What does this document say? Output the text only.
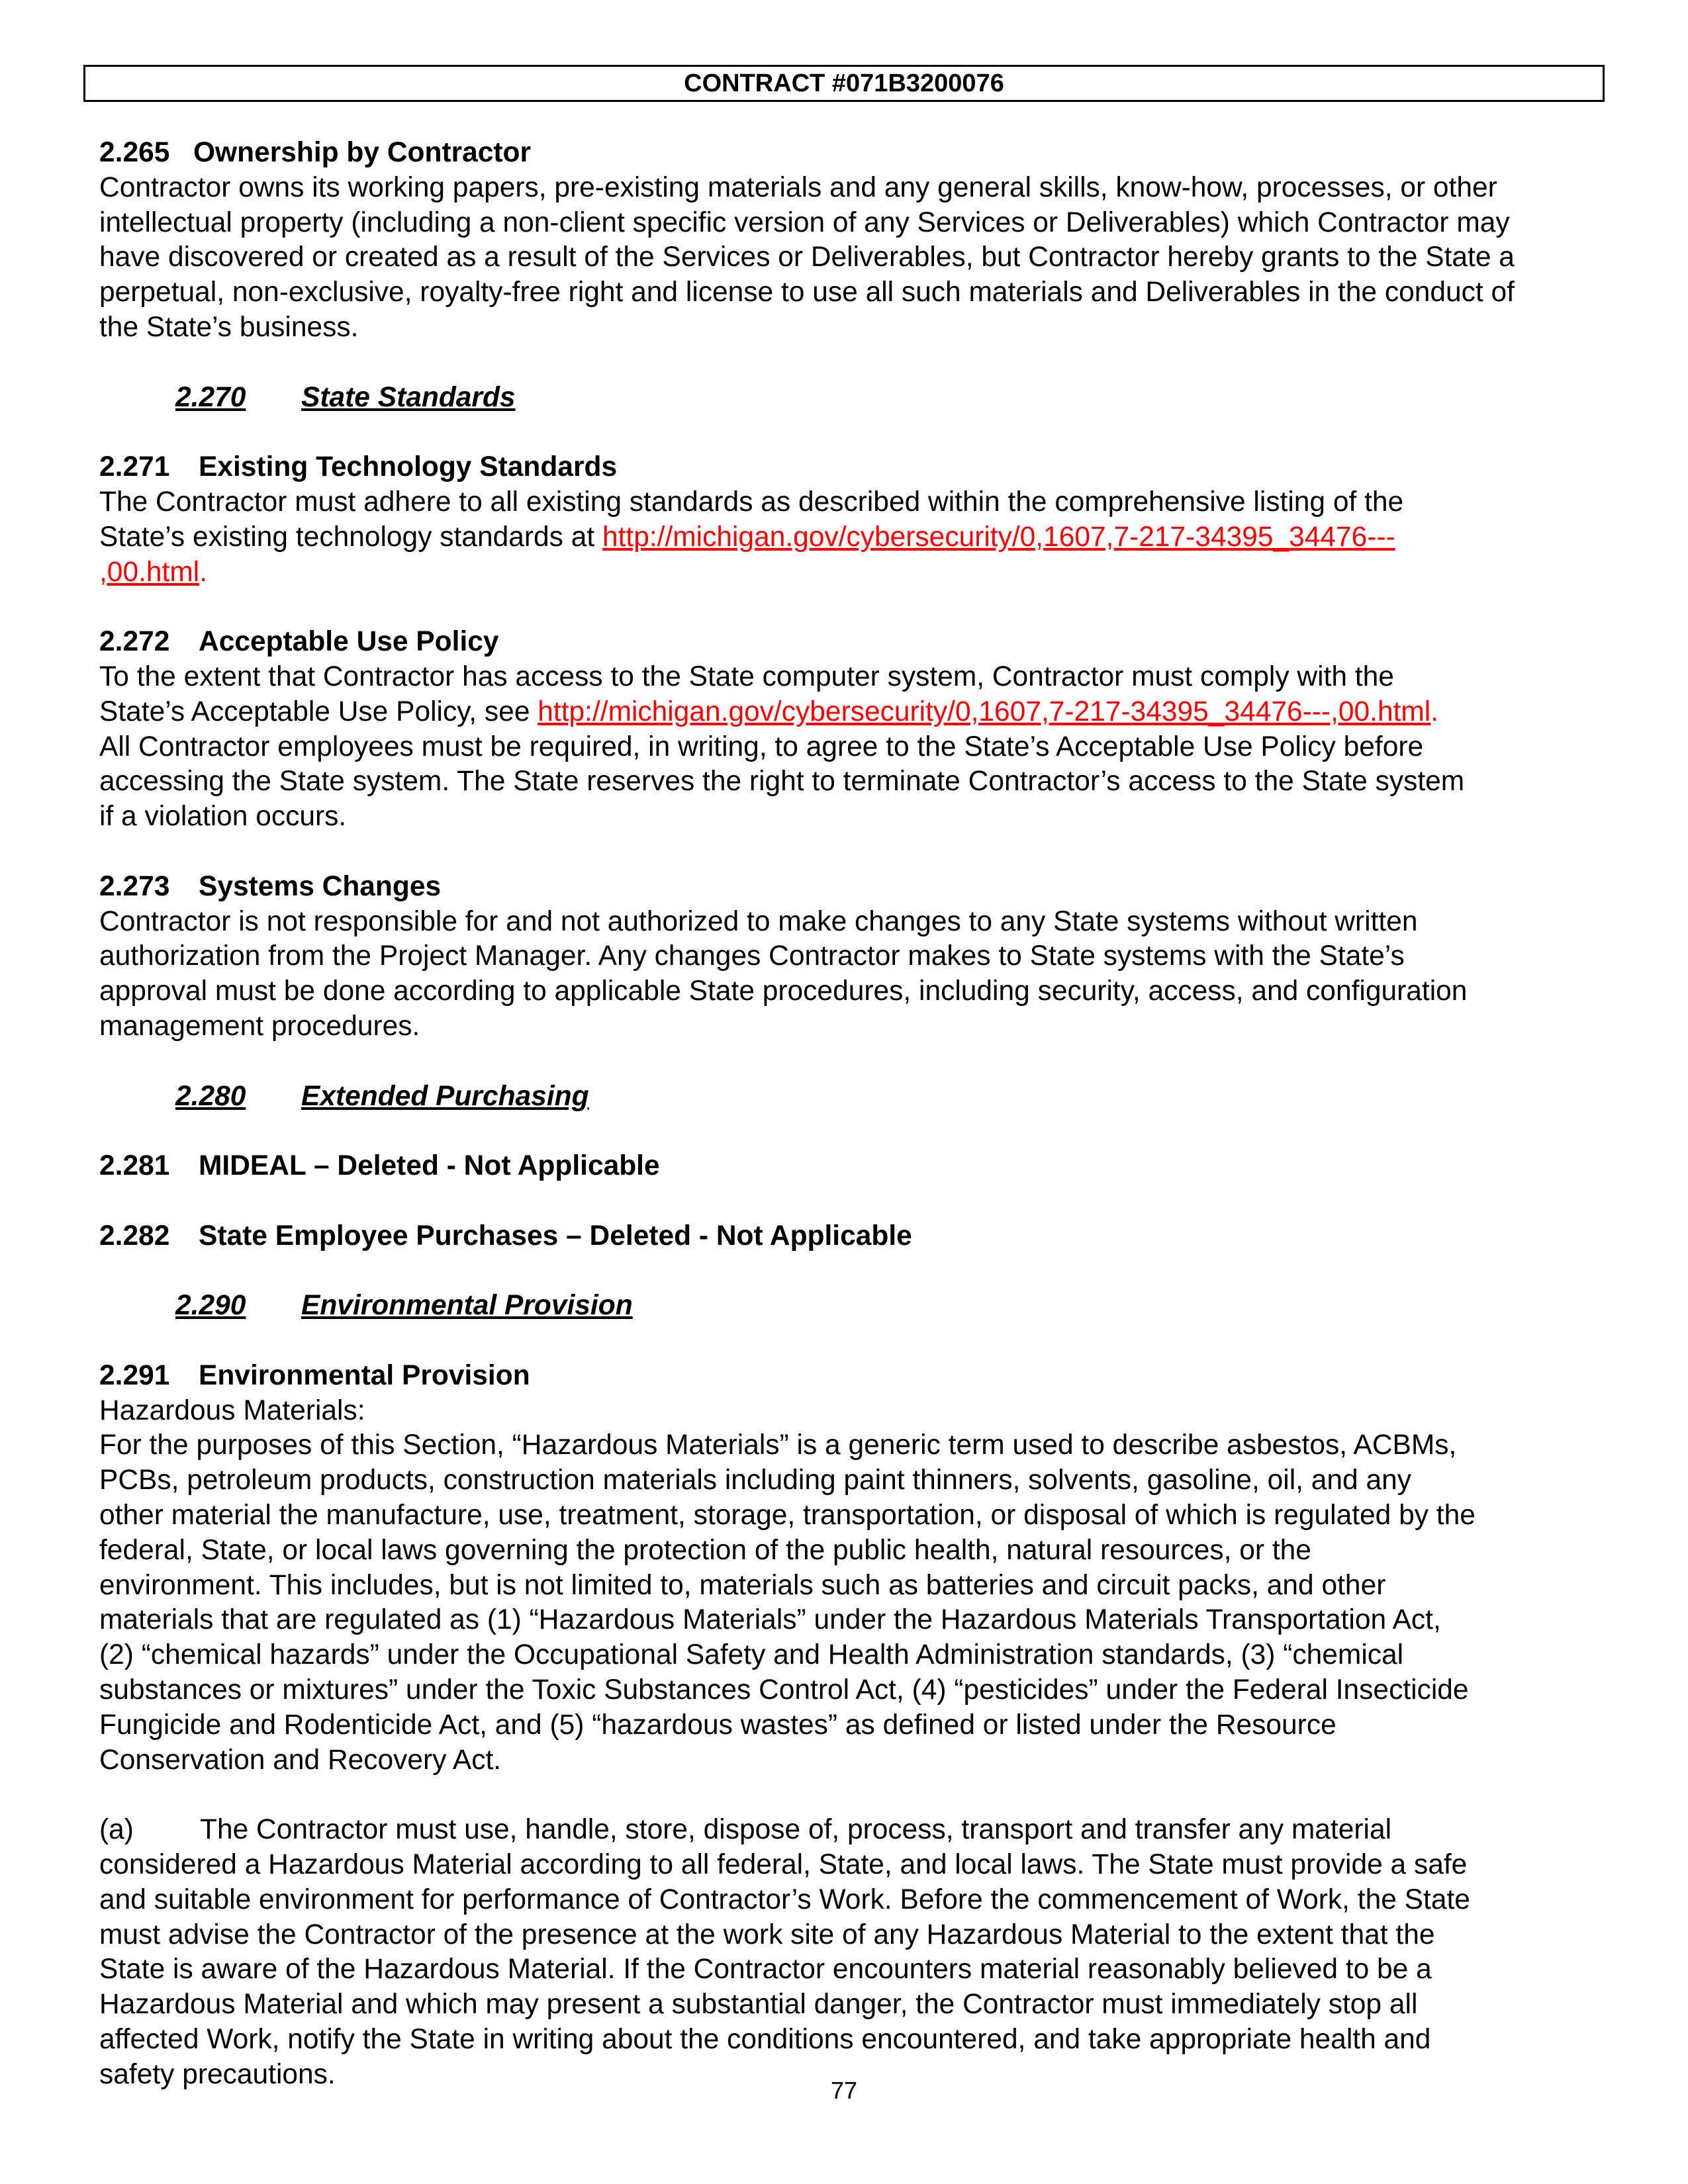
CONTRACT #071B3200076

2.265 Ownership by Contractor

Contractor owns its working papers, pre-existing materials and any general skills, know-how, processes, or other

intellectual property (including a non-client specific version of any Services or Deliverables) which Contractor may

have discovered or created as a result of the Services or Deliverables, but Contractor hereby grants to the State a

perpetual, non-exclusive, royalty-free right and license to use all such materials and Deliverables in the conduct of

the State’s business.

2.270 State Standards

2.271 Existing Technology Standards

The Contractor must adhere to all existing standards as described within the comprehensive listing of the

State’s existing technology standards at http://michigan.gov/cybersecurity/0,1607,7-217-34395_34476---

,00.html.

2.272 Acceptable Use Policy

To the extent that Contractor has access to the State computer system, Contractor must comply with the

State’s Acceptable Use Policy, see http://michigan.gov/cybersecurity/0,1607,7-217-34395_34476---,00.html.

All Contractor employees must be required, in writing, to agree to the State’s Acceptable Use Policy before

accessing the State system. The State reserves the right to terminate Contractor’s access to the State system

if a violation occurs.

2.273 Systems Changes

Contractor is not responsible for and not authorized to make changes to any State systems without written

authorization from the Project Manager. Any changes Contractor makes to State systems with the State’s

approval must be done according to applicable State procedures, including security, access, and configuration

management procedures.

2.280 Extended Purchasing

2.281 MIDEAL – Deleted - Not Applicable

2.282 State Employee Purchases – Deleted - Not Applicable

2.290 Environmental Provision

2.291 Environmental Provision

Hazardous Materials:

For the purposes of this Section, “Hazardous Materials” is a generic term used to describe asbestos, ACBMs,

PCBs, petroleum products, construction materials including paint thinners, solvents, gasoline, oil, and any

other material the manufacture, use, treatment, storage, transportation, or disposal of which is regulated by the

federal, State, or local laws governing the protection of the public health, natural resources, or the

environment. This includes, but is not limited to, materials such as batteries and circuit packs, and other

materials that are regulated as (1) “Hazardous Materials” under the Hazardous Materials Transportation Act,

(2) “chemical hazards” under the Occupational Safety and Health Administration standards, (3) “chemical

substances or mixtures” under the Toxic Substances Control Act, (4) “pesticides” under the Federal Insecticide

Fungicide and Rodenticide Act, and (5) “hazardous wastes” as defined or listed under the Resource

Conservation and Recovery Act.

(a) The Contractor must use, handle, store, dispose of, process, transport and transfer any material

considered a Hazardous Material according to all federal, State, and local laws. The State must provide a safe

and suitable environment for performance of Contractor’s Work. Before the commencement of Work, the State

must advise the Contractor of the presence at the work site of any Hazardous Material to the extent that the

State is aware of the Hazardous Material. If the Contractor encounters material reasonably believed to be a

Hazardous Material and which may present a substantial danger, the Contractor must immediately stop all

affected Work, notify the State in writing about the conditions encountered, and take appropriate health and

safety precautions.

77
